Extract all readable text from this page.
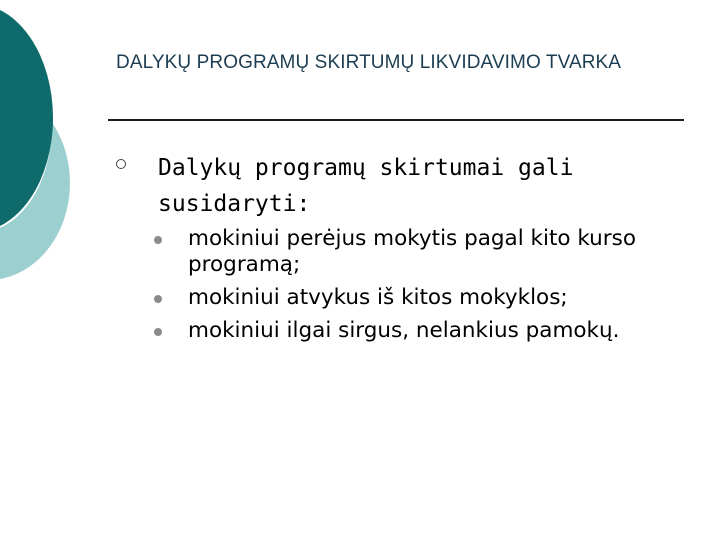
DALYKŲ PROGRAMŲ SKIRTUMŲ LIKVIDAVIMO TVARKA
Dalykų programų skirtumai gali susidaryti:
mokiniui perėjus mokytis pagal kito kurso programą;
mokiniui atvykus iš kitos mokyklos;
mokiniui ilgai sirgus, nelankius pamokų.
